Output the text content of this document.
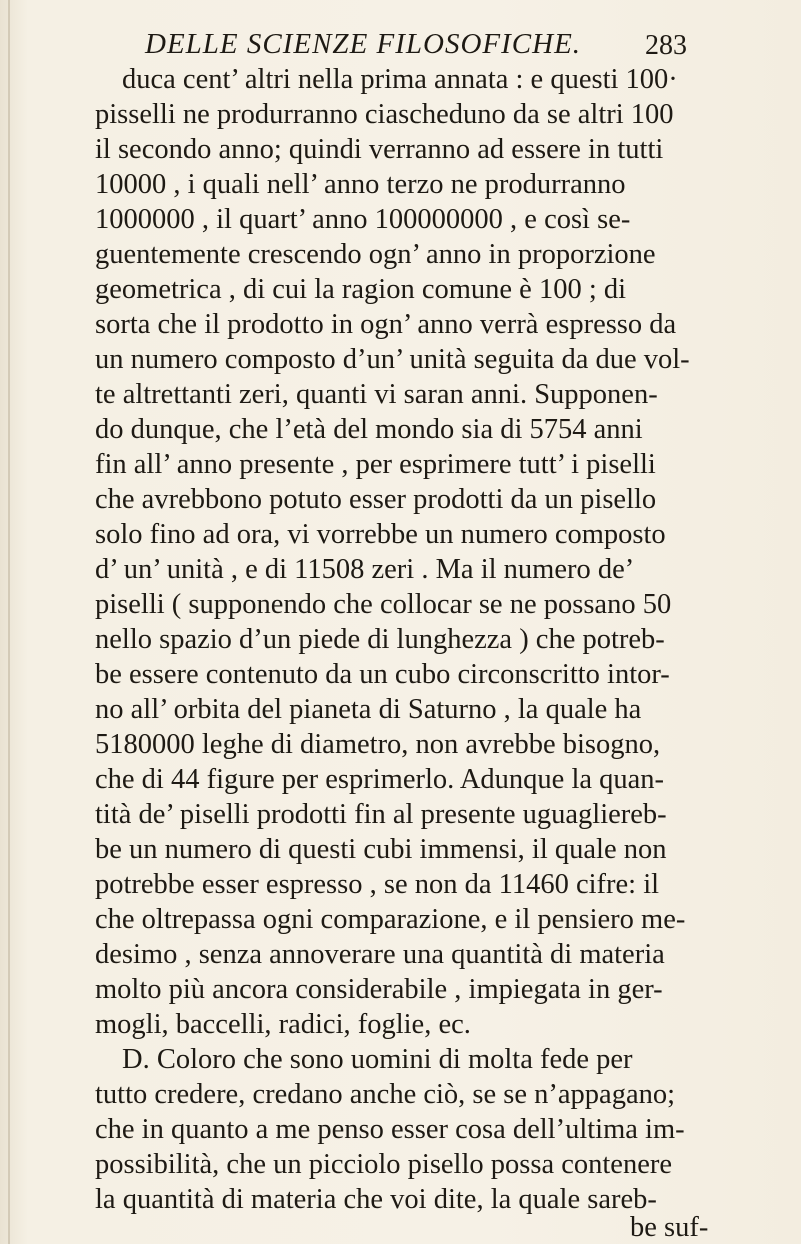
DELLE SCIENZE FILOSOFICHE. 283
duca cent’ altri nella prima annata : e questi 100·
pisselli ne produrranno ciascheduno da se altri 100
il secondo anno; quindi verranno ad essere in tutti
10000 , i quali nell’ anno terzo ne produrranno
1000000 , il quart’ anno 100000000 , e così se-
guentemente crescendo ogn’ anno in proporzione
geometrica , di cui la ragion comune è 100 ; di
sorta che il prodotto in ogn’ anno verrà espresso da
un numero composto d’un’ unità seguita da due vol-
te altrettanti zeri, quanti vi saran anni. Supponen-
do dunque, che l’età del mondo sia di 5754 anni
fin all’ anno presente , per esprimere tutt’ i piselli
che avrebbono potuto esser prodotti da un pisello
solo fino ad ora, vi vorrebbe un numero composto
d’ un’ unità , e di 11508 zeri . Ma il numero de’
piselli ( supponendo che collocar se ne possano 50
nello spazio d’un piede di lunghezza ) che potreb-
be essere contenuto da un cubo circonscritto intor-
no all’ orbita del pianeta di Saturno , la quale ha
5180000 leghe di diametro, non avrebbe bisogno,
che di 44 figure per esprimerlo. Adunque la quan-
tità de’ piselli prodotti fin al presente uguaglierеb-
be un numero di questi cubi immensi, il quale non
potrebbe esser espresso , se non da 11460 cifre: il
che oltrepassa ogni comparazione, e il pensiero me-
desimo , senza annoverare una quantità di materia
molto più ancora considerabile , impiegata in ger-
mogli, baccelli, radici, foglie, ec.
D. Coloro che sono uomini di molta fede per
tutto credere, credano anche ciò, se se n’appagano;
che in quanto a me penso esser cosa dell’ultima im-
possibilità, che un picciolo pisello possa contenere
la quantità di materia che voi dite, la quale sareb-
be suf-
